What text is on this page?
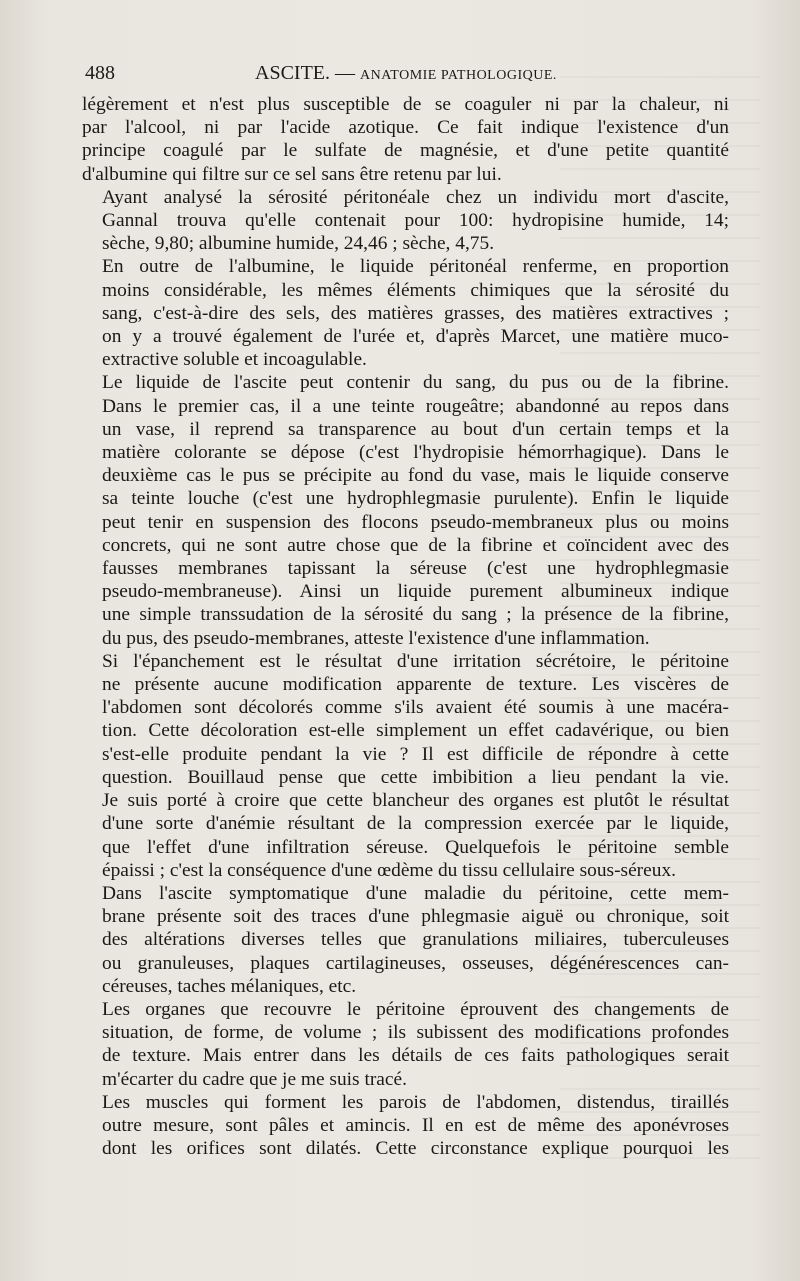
488	ASCITE. — ANATOMIE PATHOLOGIQUE.

légèrement et n'est plus susceptible de se coaguler ni par la chaleur, ni
par l'alcool, ni par l'acide azotique. Ce fait indique l'existence d'un
principe coagulé par le sulfate de magnésie, et d'une petite quantité
d'albumine qui filtre sur ce sel sans être retenu par lui.

Ayant analysé la sérosité péritonéale chez un individu mort d'ascite,
Gannal trouva qu'elle contenait pour 100: hydropisine humide, 14;
sèche, 9,80; albumine humide, 24,46 ; sèche, 4,75.

En outre de l'albumine, le liquide péritonéal renferme, en proportion
moins considérable, les mêmes éléments chimiques que la sérosité du
sang, c'est-à-dire des sels, des matières grasses, des matières extractives ;
on y a trouvé également de l'urée et, d'après Marcet, une matière muco-
extractive soluble et incoagulable.

Le liquide de l'ascite peut contenir du sang, du pus ou de la fibrine.
Dans le premier cas, il a une teinte rougeâtre; abandonné au repos dans
un vase, il reprend sa transparence au bout d'un certain temps et la
matière colorante se dépose (c'est l'hydropisie hémorrhagique). Dans le
deuxième cas le pus se précipite au fond du vase, mais le liquide conserve
sa teinte louche (c'est une hydrophlegmasie purulente). Enfin le liquide
peut tenir en suspension des flocons pseudo-membraneux plus ou moins
concrets, qui ne sont autre chose que de la fibrine et coïncident avec des
fausses membranes tapissant la séreuse (c'est une hydrophlegmasie
pseudo-membraneuse). Ainsi un liquide purement albumineux indique
une simple transsudation de la sérosité du sang ; la présence de la fibrine,
du pus, des pseudo-membranes, atteste l'existence d'une inflammation.

Si l'épanchement est le résultat d'une irritation sécrétoire, le péritoine
ne présente aucune modification apparente de texture. Les viscères de
l'abdomen sont décolorés comme s'ils avaient été soumis à une macéra-
tion. Cette décoloration est-elle simplement un effet cadavérique, ou bien
s'est-elle produite pendant la vie ? Il est difficile de répondre à cette
question. Bouillaud pense que cette imbibition a lieu pendant la vie.
Je suis porté à croire que cette blancheur des organes est plutôt le résultat
d'une sorte d'anémie résultant de la compression exercée par le liquide,
que l'effet d'une infiltration séreuse. Quelquefois le péritoine semble
épaissi ; c'est la conséquence d'une œdème du tissu cellulaire sous-séreux.

Dans l'ascite symptomatique d'une maladie du péritoine, cette mem-
brane présente soit des traces d'une phlegmasie aiguë ou chronique, soit
des altérations diverses telles que granulations miliaires, tuberculeuses
ou granuleuses, plaques cartilagineuses, osseuses, dégénérescences can-
céreuses, taches mélaniques, etc.

Les organes que recouvre le péritoine éprouvent des changements de
situation, de forme, de volume ; ils subissent des modifications profondes
de texture. Mais entrer dans les détails de ces faits pathologiques serait
m'écarter du cadre que je me suis tracé.

Les muscles qui forment les parois de l'abdomen, distendus, tiraillés
outre mesure, sont pâles et amincis. Il en est de même des aponévroses
dont les orifices sont dilatés. Cette circonstance explique pourquoi les
